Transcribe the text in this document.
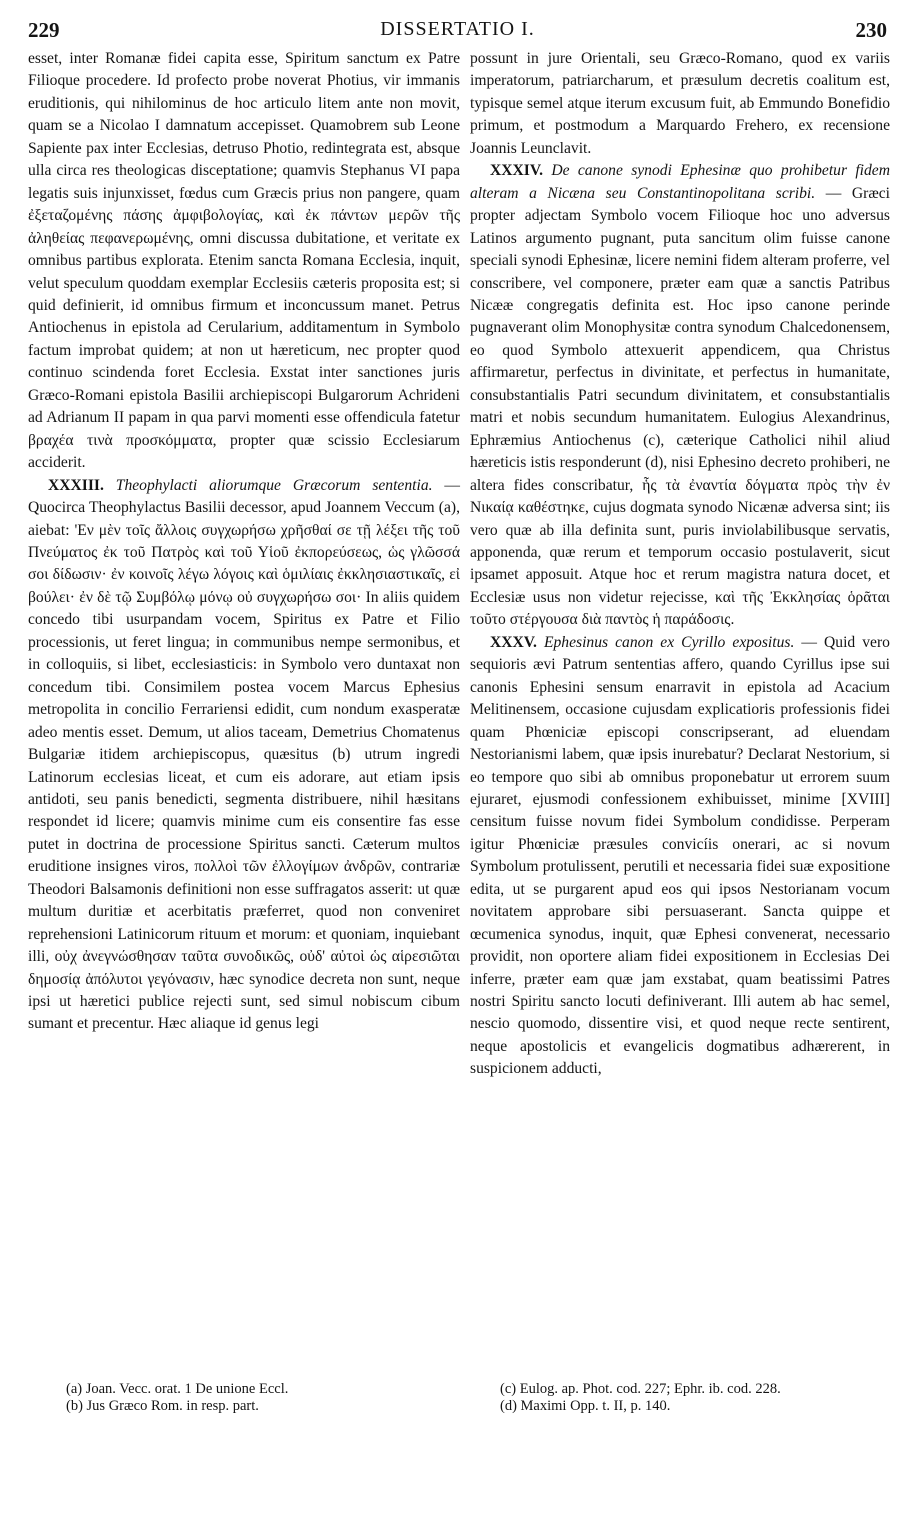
229	DISSERTATIO I.	230

esset, inter Romanæ fidei capita esse, Spiritum sanctum ex Patre Filioque procedere. Id profecto probe noverat Photius, vir immanis eruditionis, qui nihilominus de hoc articulo litem ante non movit, quam se a Nicolao I damnatum accepisset. Quamobrem sub Leone Sapiente pax inter Ecclesias, detruso Photio, redintegrata est, absque ulla circa res theologicas disceptatione; quamvis Stephanus VI papa legatis suis injunxisset, fœdus cum Græcis prius non pangere, quam ἐξεταζομένης πάσης ἀμφιβολογίας, καὶ ἐκ πάντων μερῶν τῆς ἀληθείας πεφανερωμένης, omni discussa dubitatione, et veritate ex omnibus partibus explorata. Etenim sancta Romana Ecclesia, inquit, velut speculum quoddam exemplar Ecclesiis cæteris proposita est; si quid definierit, id omnibus firmum et inconcussum manet. Petrus Antiochenus in epistola ad Cerularium, additamentum in Symbolo factum improbat quidem; at non ut hæreticum, nec propter quod continuo scindenda foret Ecclesia. Exstat inter sanctiones juris Græco-Romani epistola Basilii archiepiscopi Bulgarorum Achrideni ad Adrianum II papam in qua parvi momenti esse offendicula fatetur βραχέα τινὰ προσκόμματα, propter quæ scissio Ecclesiarum acciderit.

XXXIII. Theophylacti aliorumque Græcorum sententia. — Quocirca Theophylactus Basilii decessor, apud Joannem Veccum (a), aiebat: 'Εν μὲν τοῖς ἄλλοις συγχωρήσω χρῆσθαί σε τῇ λέξει τῆς τοῦ Πνεύματος ἐκ τοῦ Πατρὸς καὶ τοῦ Υἱοῦ ἐκπορεύσεως, ὡς γλῶσσά σοι δίδωσιν· ἐν κοινοῖς λέγω λόγοις καὶ ὁμιλίαις ἐκκλησιαστικαῖς, εἰ βούλει· ἐν δὲ τῷ Συμβόλῳ μόνῳ οὐ συγχωρήσω σοι· In aliis quidem concedo tibi usurpandam vocem, Spiritus ex Patre et Filio processionis, ut feret lingua; in communibus nempe sermonibus, et in colloquiis, si libet, ecclesiasticis: in Symbolo vero duntaxat non concedum tibi. Consimilem postea vocem Marcus Ephesius metropolita in concilio Ferrariensi edidit, cum nondum exasperatæ adeo mentis esset. Demum, ut alios taceam, Demetrius Chomatenus Bulgariæ itidem archiepiscopus, quæsitus (b) utrum ingredi Latinorum ecclesias liceat, et cum eis adorare, aut etiam ipsis antidoti, seu panis benedicti, segmenta distribuere, nihil hæsitans respondet id licere; quamvis minime cum eis consentire fas esse putet in doctrina de processione Spiritus sancti. Cæterum multos eruditione insignes viros, πολλοὶ τῶν ἐλλογίμων ἀνδρῶν, contrariæ Theodori Balsamonis definitioni non esse suffragatos asserit: ut quæ multum duritiæ et acerbitatis præferret, quod non conveniret reprehensioni Latinicorum rituum et morum: et quoniam, inquiebant illi, οὐχ ἀνεγνώσθησαν ταῦτα συνοδικῶς, οὐδ' αὐτοὶ ὡς αἱρεσιῶται δημοσίᾳ ἀπόλυτοι γεγόνασιν, hæc synodice decreta non sunt, neque ipsi ut hæretici publice rejecti sunt, sed simul nobiscum cibum sumant et precentur. Hæc aliaque id genus legi

possunt in jure Orientali, seu Græco-Romano, quod ex variis imperatorum, patriarcharum, et præsulum decretis coalitum est, typisque semel atque iterum excusum fuit, ab Emmundo Bonefidio primum, et postmodum a Marquardo Frehero, ex recensione Joannis Leunclavit.

XXXIV. De canone synodi Ephesinæ quo prohibetur fidem alteram a Nicæna seu Constantinopolitana scribi. — Græci propter adjectam Symbolo vocem Filioque hoc uno adversus Latinos argumento pugnant, puta sancitum olim fuisse canone speciali synodi Ephesinæ, licere nemini fidem alteram proferre, vel conscribere, vel componere, præter eam quæ a sanctis Patribus Nicææ congregatis definita est. Hoc ipso canone perinde pugnaverant olim Monophysitæ contra synodum Chalcedonensem, eo quod Symbolo attexuerit appendicem, qua Christus affirmaretur, perfectus in divinitate, et perfectus in humanitate, consubstantialis Patri secundum divinitatem, et consubstantialis matri et nobis secundum humanitatem. Eulogius Alexandrinus, Ephræmius Antiochenus (c), cæterique Catholici nihil aliud hæreticis istis responderunt (d), nisi Ephesino decreto prohiberi, ne altera fides conscribatur, ἧς τὰ ἐναντία δόγματα πρὸς τὴν ἐν Νικαίᾳ καθέστηκε, cujus dogmata synodo Nicænæ adversa sint; iis vero quæ ab illa definita sunt, puris inviolabilibusque servatis, apponenda, quæ rerum et temporum occasio postulaverit, sicut ipsamet apposuit. Atque hoc et rerum magistra natura docet, et Ecclesiæ usus non videtur rejecisse, καὶ τῆς Ἐκκλησίας ὁρᾶται τοῦτο στέργουσα διὰ παντὸς ἡ παράδοσις.

XXXV. Ephesinus canon ex Cyrillo expositus. — Quid vero sequioris ævi Patrum sententias affero, quando Cyrillus ipse sui canonis Ephesini sensum enarravit in epistola ad Acacium Melitinensem, occasione cujusdam explicatioris professionis fidei quam Phœniciæ episcopi conscripserant, ad eluendam Nestorianismi labem, quæ ipsis inurebatur? Declarat Nestorium, si eo tempore quo sibi ab omnibus proponebatur ut errorem suum ejuraret, ejusmodi confessionem exhibuisset, minime [XVIII] censitum fuisse novum fidei Symbolum condidisse. Perperam igitur Phœniciæ præsules convicíis onerari, ac si novum Symbolum protulissent, perutili et necessaria fidei suæ expositione edita, ut se purgarent apud eos qui ipsos Nestorianam vocum novitatem approbare sibi persuaserant. Sancta quippe et œcumenica synodus, inquit, quæ Ephesi convenerat, necessario providit, non oportere aliam fidei expositionem in Ecclesias Dei inferre, præter eam quæ jam exstabat, quam beatissimi Patres nostri Spiritu sancto locuti definiverant. Illi autem ab hac semel, nescio quomodo, dissentire visi, et quod neque recte sentirent, neque apostolicis et evangelicis dogmatibus adhærerent, in suspicionem adducti,

(a) Joan. Vecc. orat. 1 De unione Eccl.
(b) Jus Græco Rom. in resp. part.
(c) Eulog. ap. Phot. cod. 227; Ephr. ib. cod. 228.
(d) Maximi Opp. t. II, p. 140.
